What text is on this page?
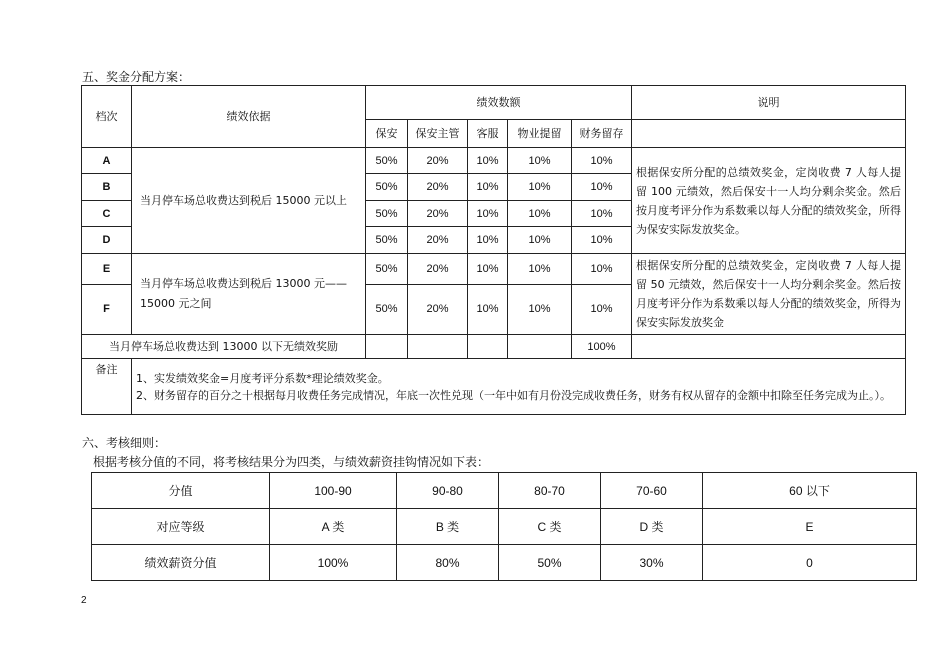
五、奖金分配方案：
档次	绩效依据	绩效数额					说明
		保安	保安主管	客服	物业提留	财务留存	
A	当月停车场总收费达到税后 15000 元以上	50%	20%	10%	10%	10%	根据保安所分配的总绩效奖金，定岗收费 7 人每人提留 100 元绩效，然后保安十一人均分剩余奖金。然后按月度考评分作为系数乘以每人分配的绩效奖金，所得为保安实际发放奖金。
B		50%	20%	10%	10%	10%	
C		50%	20%	10%	10%	10%	
D		50%	20%	10%	10%	10%	
E	当月停车场总收费达到税后 13000 元——15000 元之间	50%	20%	10%	10%	10%	根据保安所分配的总绩效奖金，定岗收费 7 人每人提留 50 元绩效，然后保安十一人均分剩余奖金。然后按月度考评分作为系数乘以每人分配的绩效奖金，所得为保安实际发放奖金
F		50%	20%	10%	10%	10%	
当月停车场总收费达到 13000 以下无绩效奖励						100%	
备注	1、实发绩效奖金=月度考评分系数*理论绩效奖金。
2、财务留存的百分之十根据每月收费任务完成情况，年底一次性兑现（一年中如有月份没完成收费任务，财务有权从留存的金额中扣除至任务完成为止。）。						
六、考核细则：
根据考核分值的不同，将考核结果分为四类，与绩效薪资挂钩情况如下表：
分值	100-90	90-80	80-70	70-60	60 以下
对应等级	A 类	B 类	C 类	D 类	E
绩效薪资分值	100%	80%	50%	30%	0
2
